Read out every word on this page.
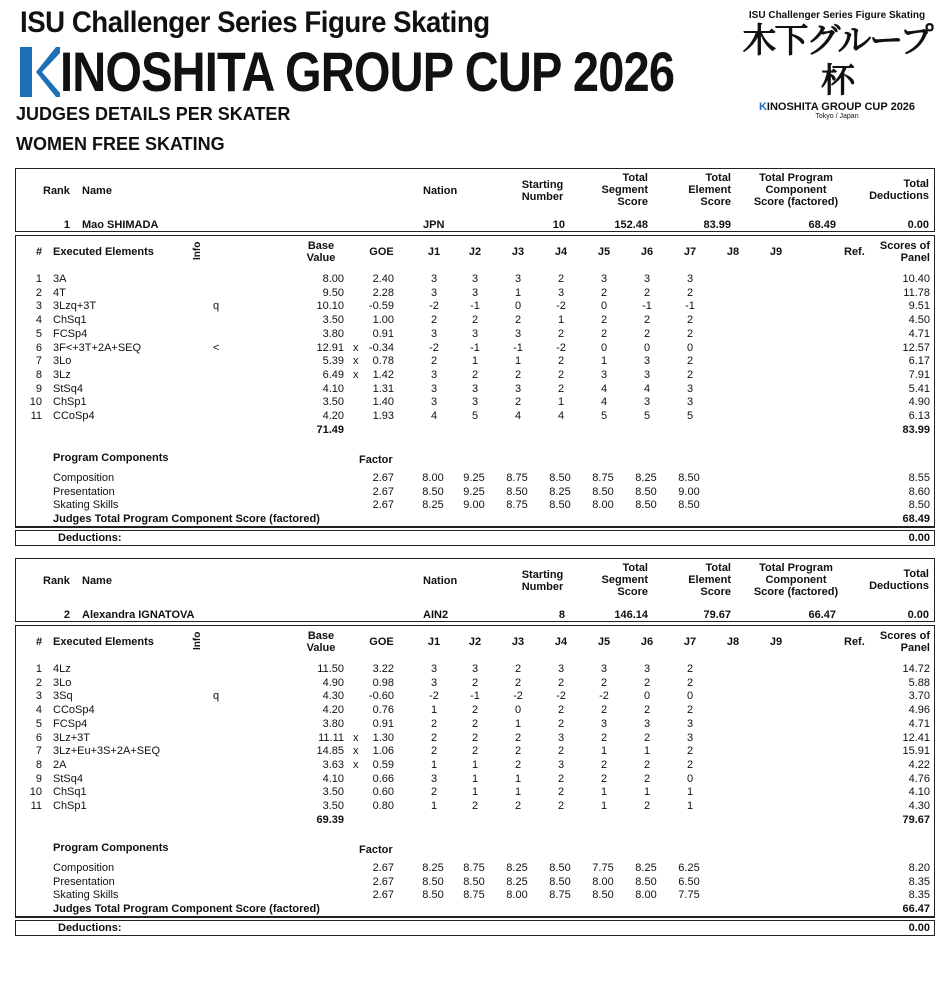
ISU Challenger Series Figure Skating
INOSHITA GROUP CUP 2026
JUDGES DETAILS PER SKATER
WOMEN FREE SKATING
ISU Challenger Series Figure Skating
木下グループ杯
KINOSHITA GROUP CUP 2026
Tokyo / Japan
Rank Name	Nation	Starting
Number
Total
Segment
Score
Total
Element
Score
Total Program
Component
Score (factored)
Total
Deductions
1 Mao SHIMADA	JPN	10	152.48	83.99	68.49	0.00
# Executed Elements	Info	Base
Value	GOE	J1	J2	J3	J4	J5	J6	J7	J8	J9	Ref.	Scores of
Panel
1 3A	8.00	2.40	3	3	3	2	3	3	3	10.40
2 4T	9.50	2.28	3	3	1	3	2	2	2	11.78
3 3Lzq+3T	q	10.10	-0.59	-2	-1	0	-2	0	-1	-1	9.51
4 ChSq1	3.50	1.00	2	2	2	1	2	2	2	4.50
5 FCSp4	3.80	0.91	3	3	3	2	2	2	2	4.71
6 3F<+3T+2A+SEQ	<	12.91 x -0.34	-2	-1	-1	-2	0	0	0	12.57
7 3Lo	5.39 x	0.78	2	1	1	2	1	3	2	6.17
8 3Lz	6.49 x	1.42	3	2	2	2	3	3	2	7.91
9 StSq4	4.10	1.31	3	3	3	2	4	4	3	5.41
10 ChSp1	3.50	1.40	3	3	2	1	4	3	3	4.90
11 CCoSp4	4.20	1.93	4	5	4	4	5	5	5	6.13
71.49	83.99
Program Components	Factor
Composition	2.67	8.00	9.25	8.75	8.50	8.75	8.25	8.50	8.55
Presentation	2.67	8.50	9.25	8.50	8.25	8.50	8.50	9.00	8.60
Skating Skills	2.67	8.25	9.00	8.75	8.50	8.00	8.50	8.50	8.50
Judges Total Program Component Score (factored)	68.49
Deductions:	0.00
Rank Name	Nation	Starting
Number
Total
Segment
Score
Total
Element
Score
Total Program
Component
Score (factored)
Total
Deductions
2 Alexandra IGNATOVA	AIN2	8	146.14	79.67	66.47	0.00
# Executed Elements	Info	Base
Value	GOE	J1	J2	J3	J4	J5	J6	J7	J8	J9	Ref.	Scores of
Panel
1 4Lz	11.50	3.22	3	3	2	3	3	3	2	14.72
2 3Lo	4.90	0.98	3	2	2	2	2	2	2	5.88
3 3Sq	q	4.30	-0.60	-2	-1	-2	-2	-2	0	0	3.70
4 CCoSp4	4.20	0.76	1	2	0	2	2	2	2	4.96
5 FCSp4	3.80	0.91	2	2	1	2	3	3	3	4.71
6 3Lz+3T	11.11 x	1.30	2	2	2	3	2	2	3	12.41
7 3Lz+Eu+3S+2A+SEQ	14.85 x	1.06	2	2	2	2	1	1	2	15.91
8 2A	3.63 x	0.59	1	1	2	3	2	2	2	4.22
9 StSq4	4.10	0.66	3	1	1	2	2	2	0	4.76
10 ChSq1	3.50	0.60	2	1	1	2	1	1	1	4.10
11 ChSp1	3.50	0.80	1	2	2	2	1	2	1	4.30
69.39	79.67
Program Components	Factor
Composition	2.67	8.25	8.75	8.25	8.50	7.75	8.25	6.25	8.20
Presentation	2.67	8.50	8.50	8.25	8.50	8.00	8.50	6.50	8.35
Skating Skills	2.67	8.50	8.75	8.00	8.75	8.50	8.00	7.75	8.35
Judges Total Program Component Score (factored)	66.47
Deductions:	0.00
